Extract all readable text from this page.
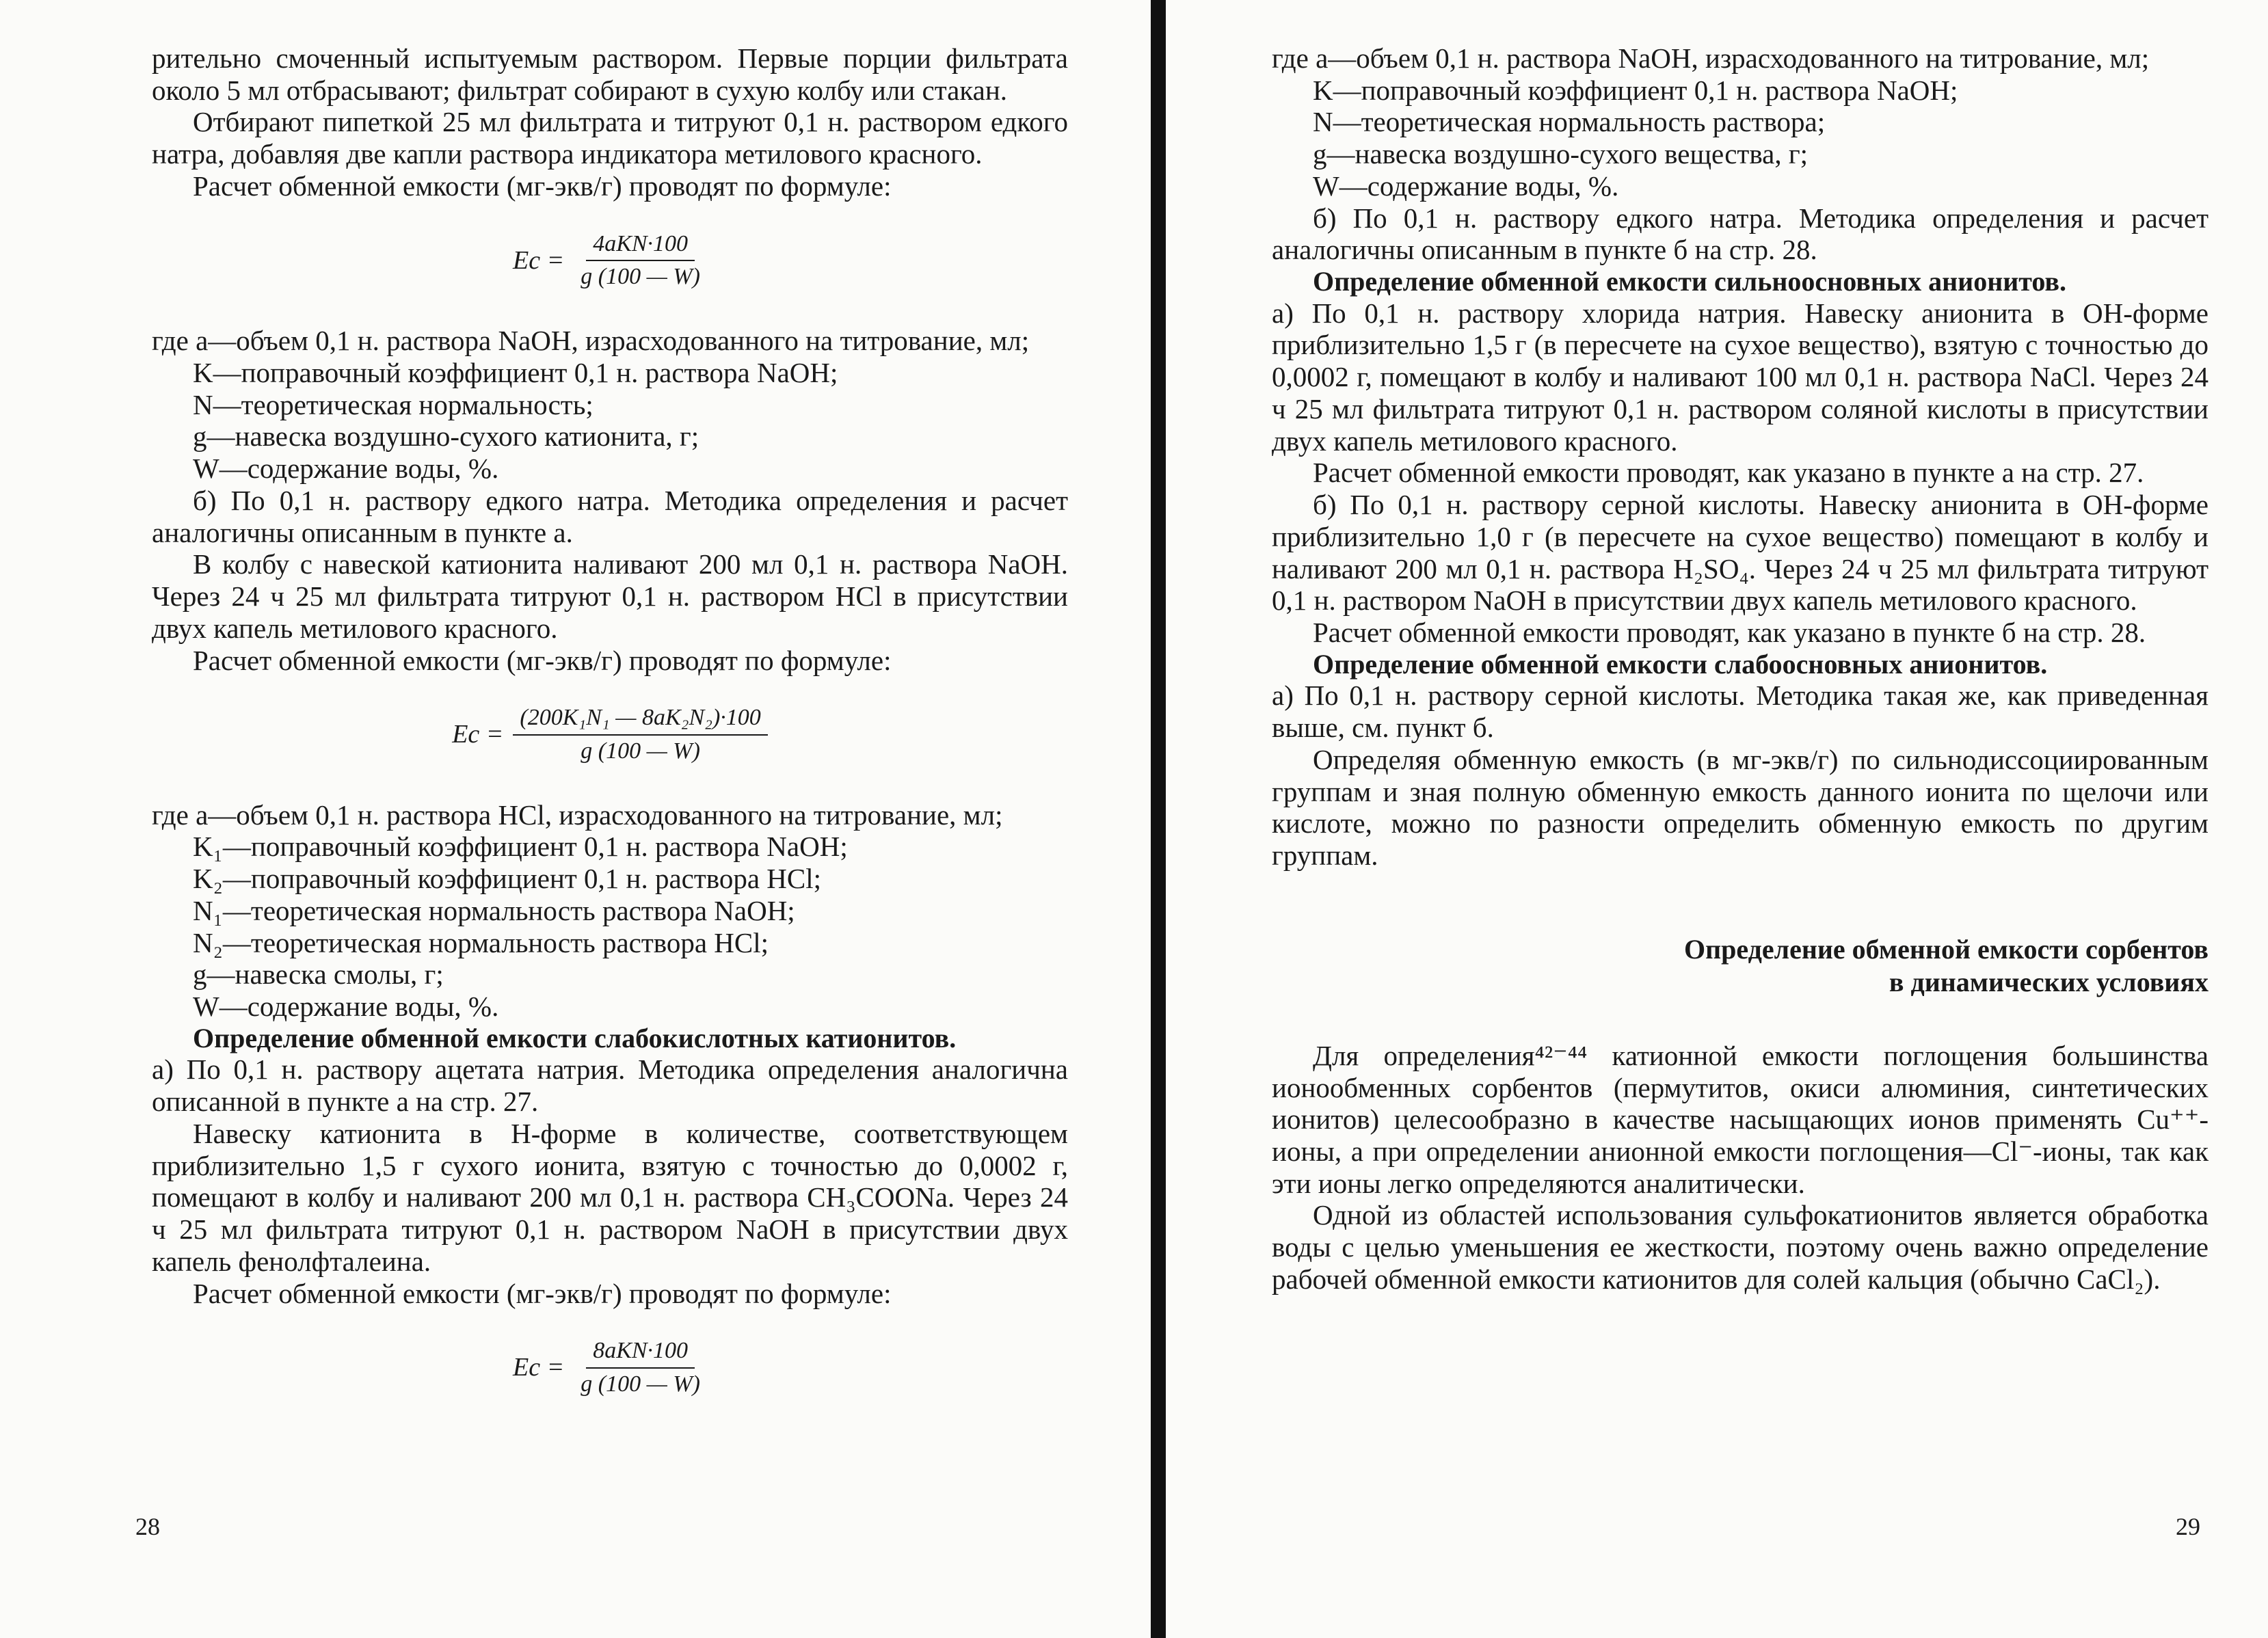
рительно смоченный испытуемым раствором. Первые порции фильтрата около 5 мл отбрасывают; фильтрат собирают в сухую колбу или стакан.

Отбирают пипеткой 25 мл фильтрата и титруют 0,1 н. раствором едкого натра, добавляя две капли раствора индикатора метилового красного.

Расчет обменной емкости (мг-экв/г) проводят по формуле:

Eс = $\frac{\text{4aKN·100}}{g (100 — W)}$

где a—объем 0,1 н. раствора NaOH, израсходованного на титрование, мл;

K—поправочный коэффициент 0,1 н. раствора NaOH;

N—теоретическая нормальность;

g—навеска воздушно-сухого катионита, г;

W—содержание воды, %.

б) По 0,1 н. раствору едкого натра. Методика определения и расчет аналогичны описанным в пункте a.

В колбу с навеской катионита наливают 200 мл 0,1 н. раствора NaOH. Через 24 ч 25 мл фильтрата титруют 0,1 н. раствором HCl в присутствии двух капель метилового красного.

Расчет обменной емкости (мг-экв/г) проводят по формуле:

Eс = $\frac{\text{(200K₁N₁ — 8aK₂N₂)·100}}{g (100 — W)}$

где a—объем 0,1 н. раствора HCl, израсходованного на титрование, мл;

K₁—поправочный коэффициент 0,1 н. раствора NaOH;

K₂—поправочный коэффициент 0,1 н. раствора HCl;

N₁—теоретическая нормальность раствора NaOH;

N₂—теоретическая нормальность раствора HCl;

g—навеска смолы, г;

W—содержание воды, %.

Определение обменной емкости слабокислотных катионитов.

а) По 0,1 н. раствору ацетата натрия. Методика определения аналогична описанной в пункте a на стр. 27.

Навеску катионита в H-форме в количестве, соответствующем приблизительно 1,5 г сухого ионита, взятую с точностью до 0,0002 г, помещают в колбу и наливают 200 мл 0,1 н. раствора CH₃COONa. Через 24 ч 25 мл фильтрата титруют 0,1 н. раствором NaOH в присутствии двух капель фенолфталеина.

Расчет обменной емкости (мг-экв/г) проводят по формуле:

Eс = $\frac{\text{8aKN·100}}{g (100 — W)}$
28

где a—объем 0,1 н. раствора NaOH, израсходованного на титрование, мл;

K—поправочный коэффициент 0,1 н. раствора NaOH;

N—теоретическая нормальность раствора;

g—навеска воздушно-сухого вещества, г;

W—содержание воды, %.

б) По 0,1 н. раствору едкого натра. Методика определения и расчет аналогичны описанным в пункте б на стр. 28.

Определение обменной емкости сильноосновных анионитов.

а) По 0,1 н. раствору хлорида натрия. Навеску анионита в OH-форме приблизительно 1,5 г (в пересчете на сухое вещество), взятую с точностью до 0,0002 г, помещают в колбу и наливают 100 мл 0,1 н. раствора NaCl. Через 24 ч 25 мл фильтрата титруют 0,1 н. раствором соляной кислоты в присутствии двух капель метилового красного.

Расчет обменной емкости проводят, как указано в пункте a на стр. 27.

б) По 0,1 н. раствору серной кислоты. Навеску анионита в OH-форме приблизительно 1,0 г (в пересчете на сухое вещество) помещают в колбу и наливают 200 мл 0,1 н. раствора H₂SO₄. Через 24 ч 25 мл фильтрата титруют 0,1 н. раствором NaOH в присутствии двух капель метилового красного.

Расчет обменной емкости проводят, как указано в пункте б на стр. 28.

Определение обменной емкости слабоосновных анионитов.

а) По 0,1 н. раствору серной кислоты. Методика такая же, как приведенная выше, см. пункт б.

Определяя обменную емкость (в мг-экв/г) по сильнодиссоциированным группам и зная полную обменную емкость данного ионита по щелочи или кислоте, можно по разности определить обменную емкость по другим группам.

Определение обменной емкости сорбентов
в динамических условиях

Для определения⁴²⁻⁴⁴ катионной емкости поглощения большинства ионообменных сорбентов (пермутитов, окиси алюминия, синтетических ионитов) целесообразно в качестве насыщающих ионов применять Cu⁺⁺-ионы, а при определении анионной емкости поглощения—Cl⁻-ионы, так как эти ионы легко определяются аналитически.

Одной из областей использования сульфокатионитов является обработка воды с целью уменьшения ее жесткости, поэтому очень важно определение рабочей обменной емкости катионитов для солей кальция (обычно CaCl₂).

29
